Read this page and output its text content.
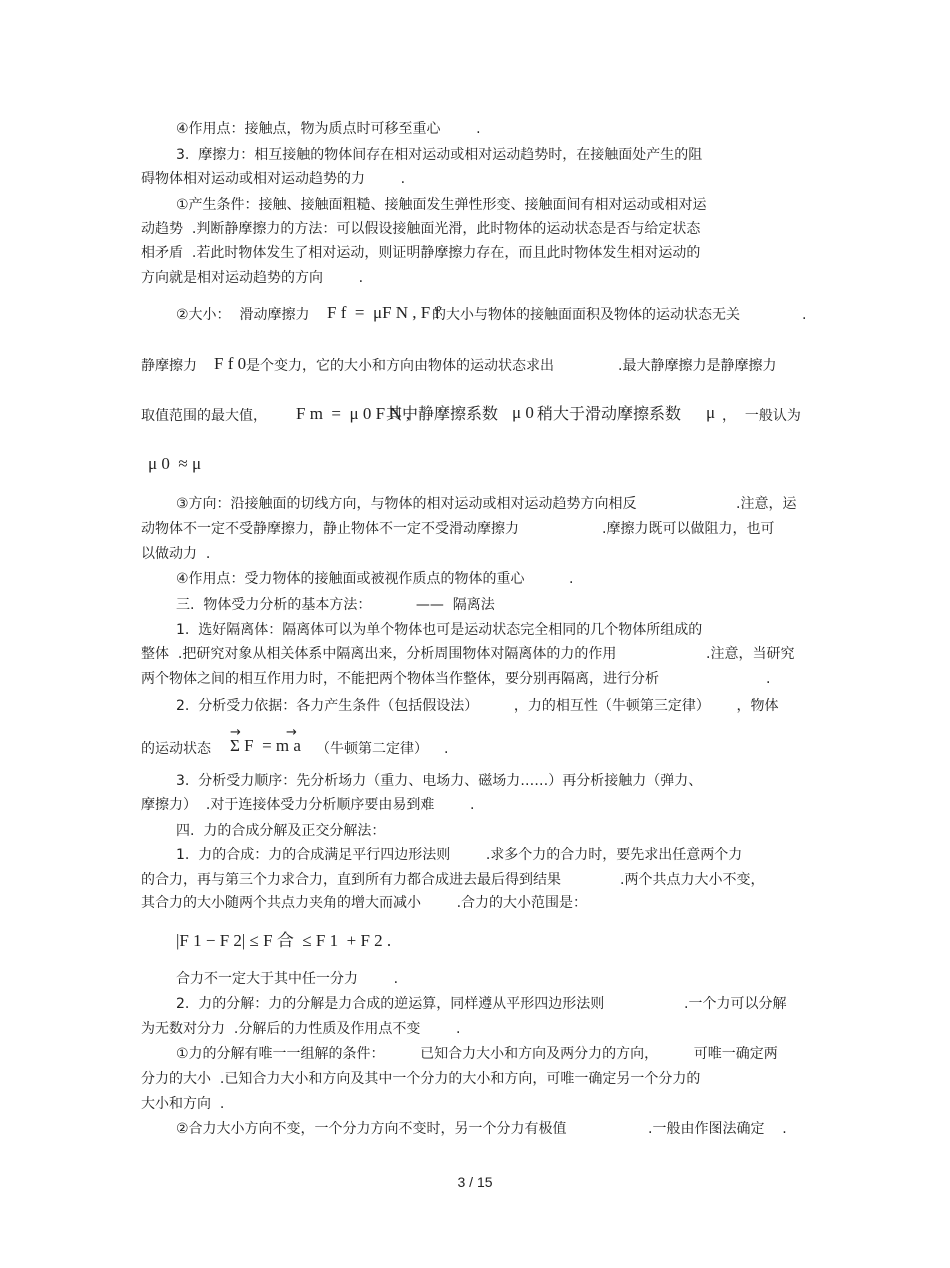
④作用点：接触点，物为质点时可移至重心        .
3.  摩擦力：相互接触的物体间存在相对运动或相对运动趋势时，在接触面处产生的阻
碍物体相对运动或相对运动趋势的力        .
①产生条件：接触、接触面粗糙、接触面发生弹性形变、接触面间有相对运动或相对运
动趋势  .判断静摩擦力的方法：可以假设接触面光滑，此时物体的运动状态是否与给定状态
相矛盾  .若此时物体发生了相对运动，则证明静摩擦力存在，而且此时物体发生相对运动的
方向就是相对运动趋势的方向        .
②大小：  滑动摩擦力 F f  =  μF N , F f
的大小与物体的接触面面积及物体的运动状态无关	.
静摩擦力 F f 0 是个变力，它的大小和方向由物体的运动状态求出	.最大静摩擦力是静摩擦力
取值范围的最大值， F m  =  μ 0 F N ,
其中静摩擦系数 μ 0 稍大于滑动摩擦系数 μ ，  一般认为
μ 0  ≈ μ
③方向：沿接触面的切线方向，与物体的相对运动或相对运动趋势方向相反	.注意，运
动物体不一定不受静摩擦力，静止物体不一定不受滑动摩擦力	.摩擦力既可以做阻力，也可
以做动力  .
④作用点：受力物体的接触面或被视作质点的物体的重心          .
三.  物体受力分析的基本方法：          ——  隔离法
1.  选好隔离体：隔离体可以为单个物体也可是运动状态完全相同的几个物体所组成的
整体  .把研究对象从相关体系中隔离出来，分析周围物体对隔离体的力的作用	.注意，当研究
两个物体之间的相互作用力时，不能把两个物体当作整体，要分别再隔离，进行分析	.
2.  分析受力依据：各力产生条件（包括假设法）        ，力的相互性（牛顿第三定律）      ，物体
的运动状态 Σ F  = m a
→	→
（牛顿第二定律） .
3.  分析受力顺序：先分析场力（重力、电场力、磁场力……）再分析接触力（弹力、
摩擦力）  .对于连接体受力分析顺序要由易到难        .
四.  力的合成分解及正交分解法：
1.  力的合成：力的合成满足平行四边形法则        .求多个力的合力时，要先求出任意两个力
的合力，再与第三个力求合力，直到所有力都合成进去最后得到结果	.两个共点力大小不变，
其合力的大小随两个共点力夹角的增大而减小        .合力的大小范围是：
|F 1 − F 2| ≤ F 合  ≤ F 1  + F 2 .
合力不一定大于其中任一分力        .
2.  力的分解：力的分解是力合成的逆运算，同样遵从平形四边形法则	.一个力可以分解
为无数对分力  .分解后的力性质及作用点不变        .
①力的分解有唯一一组解的条件：        已知合力大小和方向及两分力的方向，        可唯一确定两
分力的大小  .已知合力大小和方向及其中一个分力的大小和方向，可唯一确定另一个分力的
大小和方向  .
②合力大小方向不变，一个分力方向不变时，另一个分力有极值	.一般由作图法确定    .
3 / 15
